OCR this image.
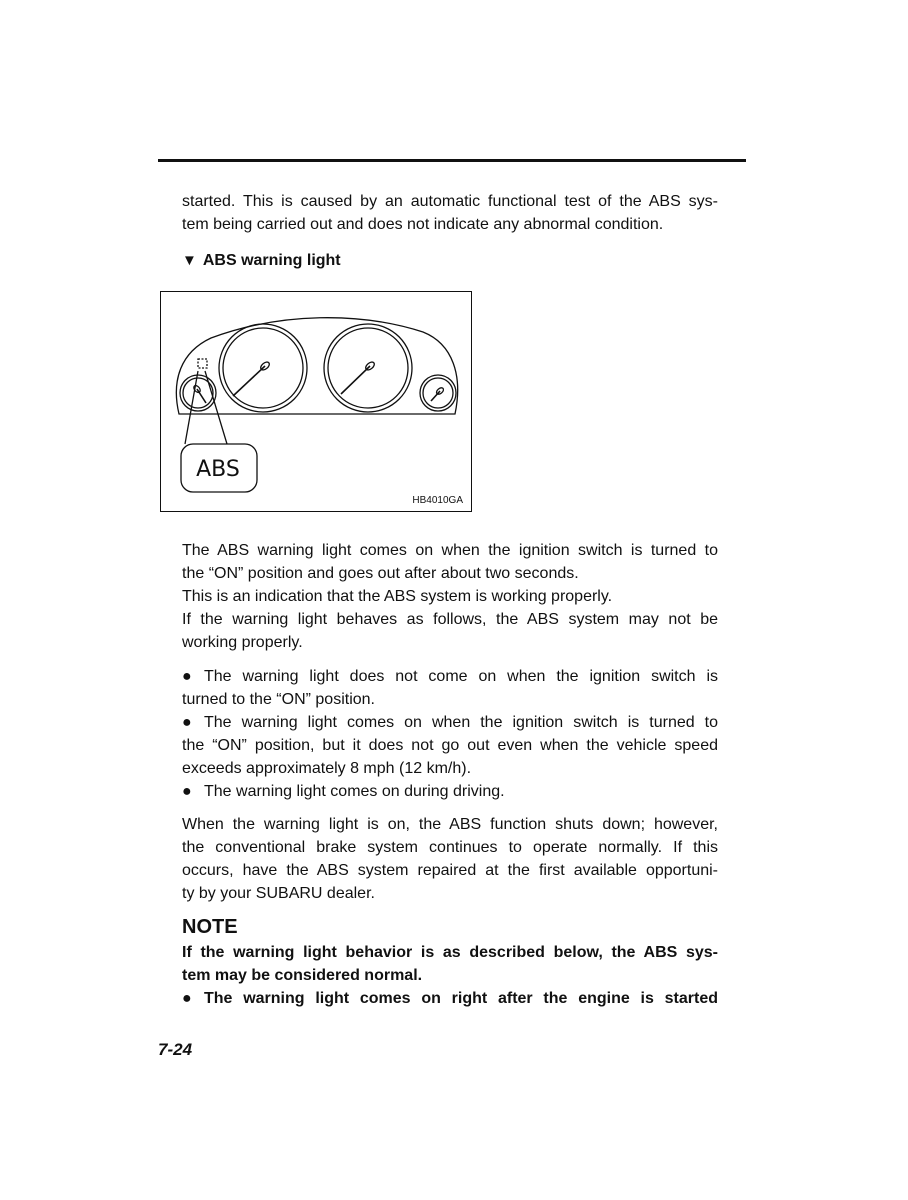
started. This is caused by an automatic functional test of the ABS sys-

tem being carried out and does not indicate any abnormal condition.

▼ ABS warning light
ABS
HB4010GA

The ABS warning light comes on when the ignition switch is turned to

the “ON” position and goes out after about two seconds.

This is an indication that the ABS system is working properly.

If the warning light behaves as follows, the ABS system may not be

working properly.

● The warning light does not come on when the ignition switch is

turned to the “ON” position.

● The warning light comes on when the ignition switch is turned to

the “ON” position, but it does not go out even when the vehicle speed

exceeds approximately 8 mph (12 km/h).

● The warning light comes on during driving.

When the warning light is on, the ABS function shuts down; however,

the conventional brake system continues to operate normally. If this

occurs, have the ABS system repaired at the first available opportuni-

ty by your SUBARU dealer.

NOTE

If the warning light behavior is as described below, the ABS sys-

tem may be considered normal.

● The warning light comes on right after the engine is started

7-24
